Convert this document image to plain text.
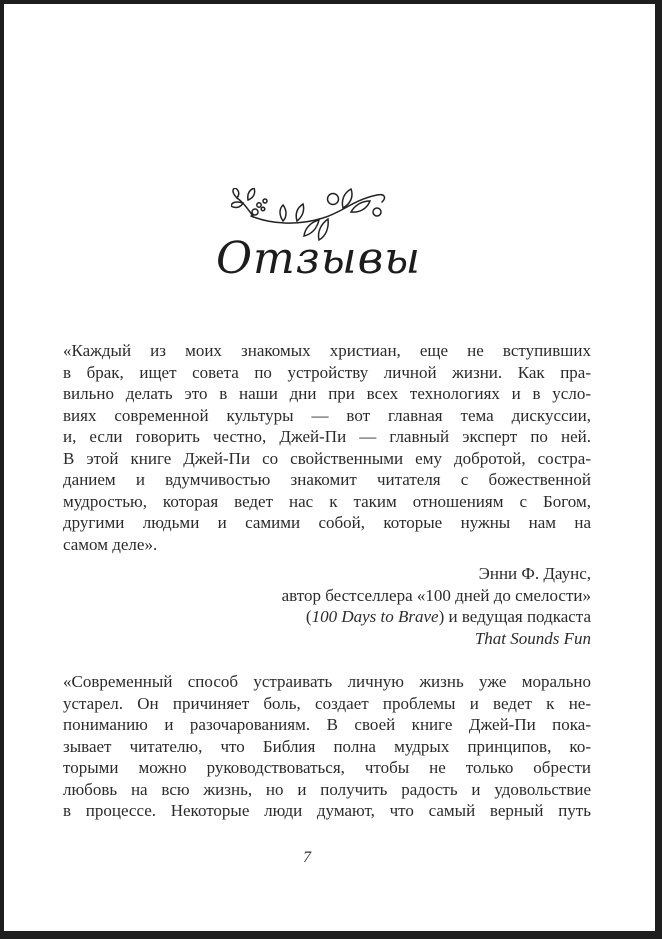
Отзывы
«Каждый из моих знакомых христиан, еще не вступивших
в брак, ищет совета по устройству личной жизни. Как пра-
вильно делать это в наши дни при всех технологиях и в усло-
виях современной культуры — вот главная тема дискуссии,
и, если говорить честно, Джей-Пи — главный эксперт по ней.
В этой книге Джей-Пи со свойственными ему добротой, состра-
данием и вдумчивостью знакомит читателя с божественной
мудростью, которая ведет нас к таким отношениям с Богом,
другими людьми и самими собой, которые нужны нам на
самом деле».
Энни Ф. Даунс,
автор бестселлера «100 дней до смелости»
(100 Days to Brave) и ведущая подкаста
That Sounds Fun
«Современный способ устраивать личную жизнь уже морально
устарел. Он причиняет боль, создает проблемы и ведет к не-
пониманию и разочарованиям. В своей книге Джей-Пи пока-
зывает читателю, что Библия полна мудрых принципов, ко-
торыми можно руководствоваться, чтобы не только обрести
любовь на всю жизнь, но и получить радость и удовольствие
в процессе. Некоторые люди думают, что самый верный путь
7
